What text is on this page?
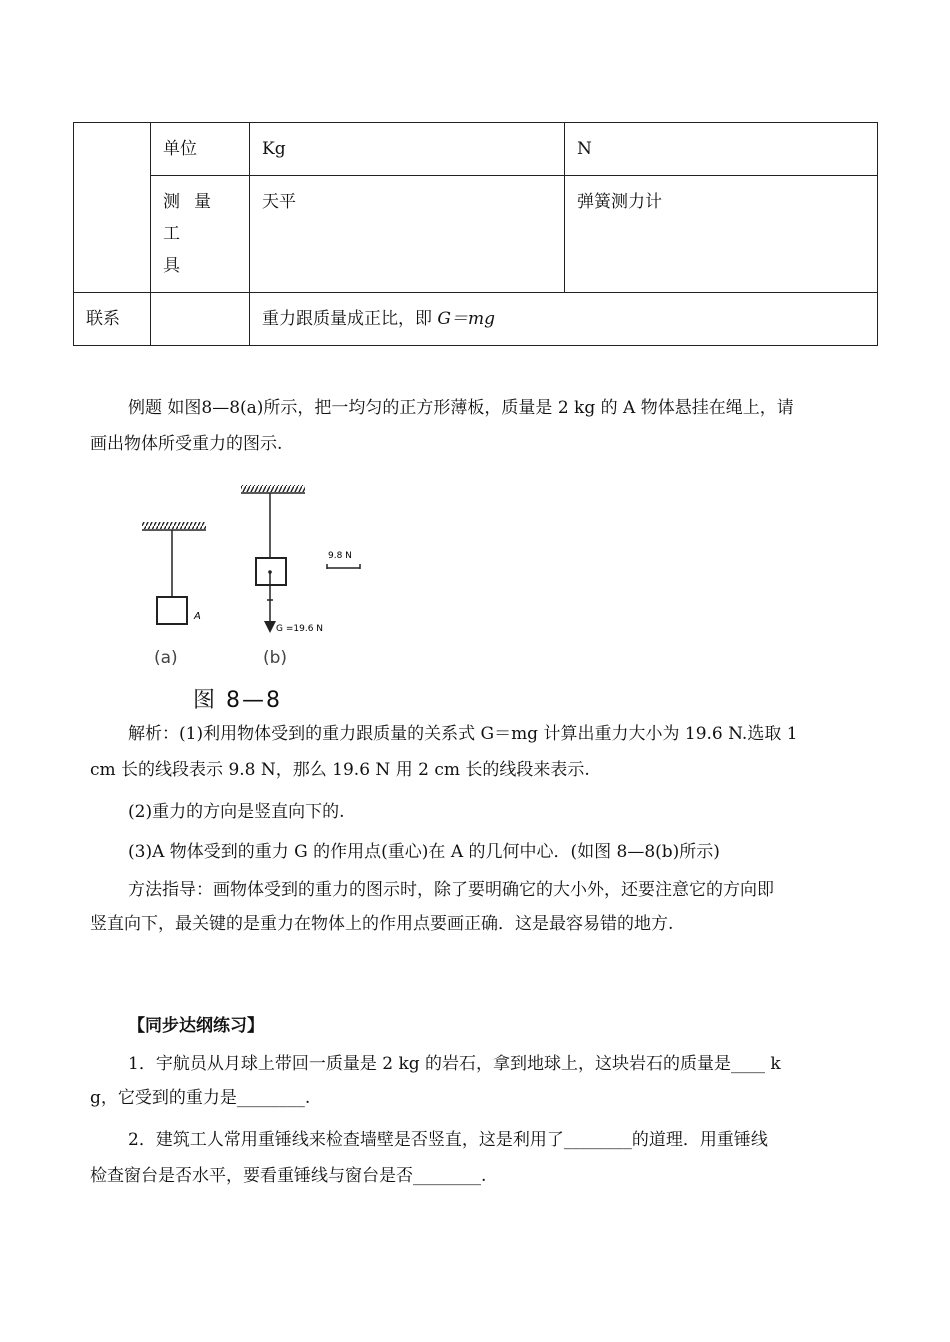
	单位	Kg	N

	测量工
具	天平	弹簧测力计
联系		重力跟质量成正比，即 G＝mg	

例题 如图8—8(a)所示，把一均匀的正方形薄板，质量是 2 kg 的 A 物体悬挂在绳上，请

画出物体所受重力的图示.

A
(a)
G =19.6 N
(b)
9.8 N
图 8—8

解析：(1)利用物体受到的重力跟质量的关系式 G＝mg 计算出重力大小为 19.6 N.选取 1

cm 长的线段表示 9.8 N，那么 19.6 N 用 2 cm 长的线段来表示.

(2)重力的方向是竖直向下的.

(3)A 物体受到的重力 G 的作用点(重心)在 A 的几何中心．(如图 8—8(b)所示)

方法指导：画物体受到的重力的图示时，除了要明确它的大小外，还要注意它的方向即

竖直向下，最关键的是重力在物体上的作用点要画正确．这是最容易错的地方.

【同步达纲练习】

1．宇航员从月球上带回一质量是 2 kg 的岩石，拿到地球上，这块岩石的质量是____ k

g，它受到的重力是________.

2．建筑工人常用重锤线来检查墙壁是否竖直，这是利用了________的道理．用重锤线

检查窗台是否水平，要看重锤线与窗台是否________.
